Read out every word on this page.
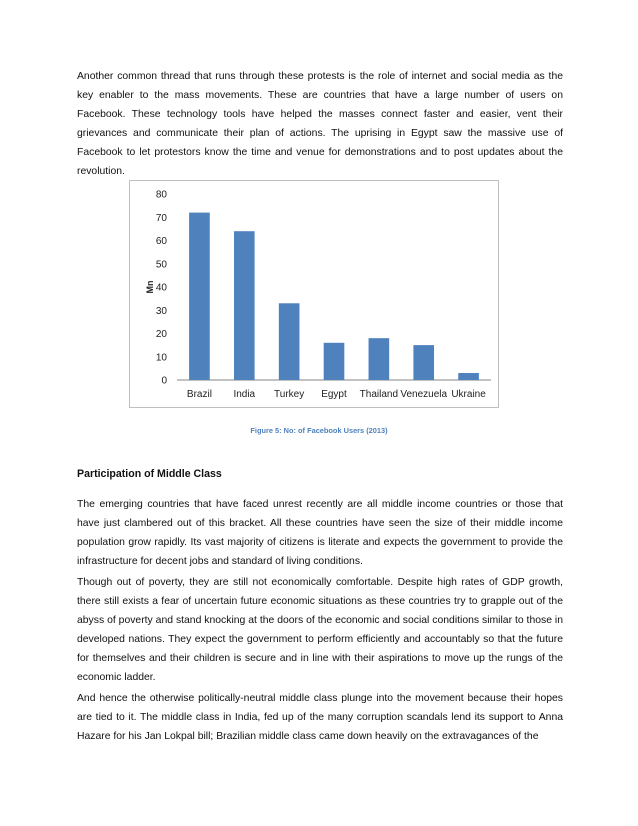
Another common thread that runs through these protests is the role of internet and social media as the key enabler to the mass movements. These are countries that have a large number of users on Facebook. These technology tools have helped the masses connect faster and easier, vent their grievances and communicate their plan of actions. The uprising in Egypt saw the massive use of Facebook to let protestors know the time and venue for demonstrations and to post updates about the revolution.

Mn
0
10
20
30
40
50
60
70
80
Brazil India Turkey Egypt Thailand Venezuela Ukraine

Figure 5: No: of Facebook Users (2013)

Participation of Middle Class

The emerging countries that have faced unrest recently are all middle income countries or those that have just clambered out of this bracket. All these countries have seen the size of their middle income population grow rapidly. Its vast majority of citizens is literate and expects the government to provide the infrastructure for decent jobs and standard of living conditions.

Though out of poverty, they are still not economically comfortable. Despite high rates of GDP growth, there still exists a fear of uncertain future economic situations as these countries try to grapple out of the abyss of poverty and stand knocking at the doors of the economic and social conditions similar to those in developed nations. They expect the government to perform efficiently and accountably so that the future for themselves and their children is secure and in line with their aspirations to move up the rungs of the economic ladder.

And hence the otherwise politically-neutral middle class plunge into the movement because their hopes are tied to it. The middle class in India, fed up of the many corruption scandals lend its support to Anna Hazare for his Jan Lokpal bill; Brazilian middle class came down heavily on the extravagances of the
